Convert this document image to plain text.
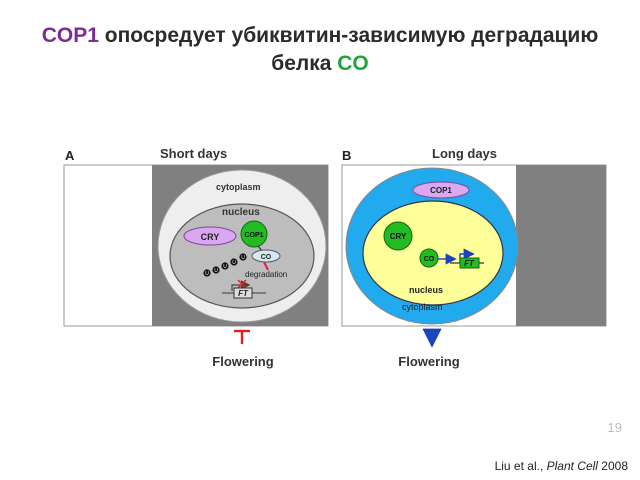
COP1 опосредует убиквитин-зависимую деградацию
белка CO
A	Short days
cytoplasm
nucleus
CRY	COP1
CO
degradation
U
U
U
U
U
FT
Flowering
B	Long days
COP1
CRY
CO	FT
nucleus
cytoplasm
Flowering
19
Liu et al., Plant Cell 2008
